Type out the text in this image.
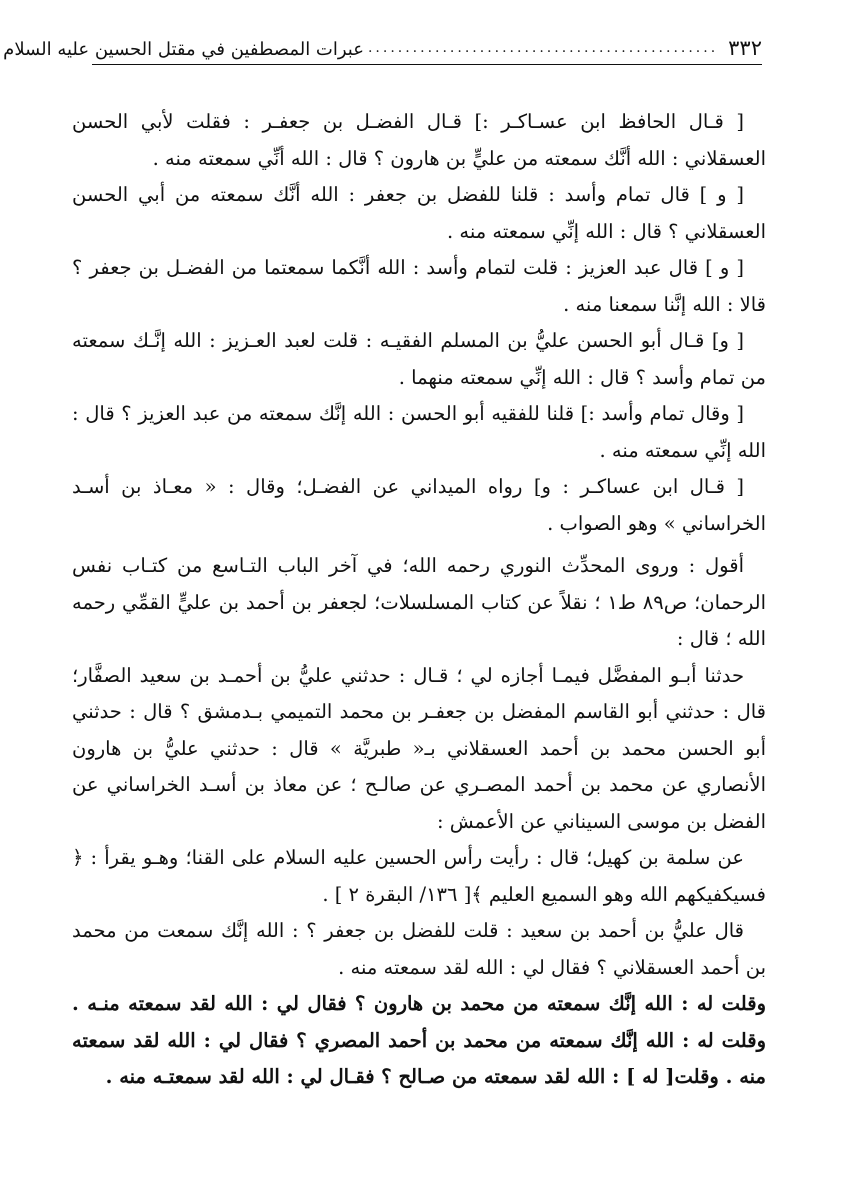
٣٣٢
...............................................
عبرات المصطفين في مقتل الحسين عليه السلام

[ قـال الحافظ ابن عسـاكـر :] قـال الفضـل بن جعفـر : فقلت لأبي الحسن العسقلاني : الله أنَّك سمعته من عليٍّ بن هارون ؟ قال : الله أنِّي سمعته منه .

[ و ] قال تمام وأسد : قلنا للفضل بن جعفر : الله أنَّك سمعته من أبي الحسن العسقلاني ؟ قال : الله إنِّي سمعته منه .

[ و ] قال عبد العزيز : قلت لتمام وأسد : الله أنَّكما سمعتما من الفضـل بن جعفر ؟ قالا : الله إنَّنا سمعنا منه .

[ و] قـال أبو الحسن عليُّ بن المسلم الفقيـه : قلت لعبد العـزيز : الله إنَّـك سمعته من تمام وأسد ؟ قال : الله إنِّي سمعته منهما .

[ وقال تمام وأسد :] قلنا للفقيه أبو الحسن : الله إنَّك سمعته من عبد العزيز ؟ قال : الله إنِّي سمعته منه .

[ قـال ابن عساكـر : و] رواه الميداني عن الفضـل؛ وقال : « معـاذ بن أسـد الخراساني » وهو الصواب .

أقول : وروى المحدِّث النوري رحمه الله؛ في آخر الباب التـاسع من كتـاب نفس الرحمان؛ ص٨٩ ط١ ؛ نقلاً عن كتاب المسلسلات؛ لجعفر بن أحمد بن عليٍّ القمِّي رحمه الله ؛ قال :

حدثنا أبـو المفضَّل فيمـا أجازه لي ؛ قـال : حدثني عليُّ بن أحمـد بن سعيد الصفَّار؛ قال : حدثني أبو القاسم المفضل بن جعفـر بن محمد التميمي بـدمشق ؟ قال : حدثني أبو الحسن محمد بن أحمد العسقلاني بـ« طبريَّة » قال : حدثني عليُّ بن هارون الأنصاري عن محمد بن أحمد المصـري عن صالـح ؛ عن معاذ بن أسـد الخراساني عن الفضل بن موسى السيناني عن الأعمش :

عن سلمة بن كهيل؛ قال : رأيت رأس الحسين عليه السلام على القنا؛ وهـو يقرأ : ﴿ فسيكفيكهم الله وهو السميع العليم ﴾[ ١٣٦/ البقرة ٢ ] .

قال عليُّ بن أحمد بن سعيد : قلت للفضل بن جعفر ؟ : الله إنَّك سمعت من محمد بن أحمد العسقلاني ؟ فقال لي : الله لقد سمعته منه .

وقلت له : الله إنَّك سمعته من محمد بن هارون ؟ فقال لي : الله لقد سمعته منـه . وقلت له : الله إنَّك سمعته من محمد بن أحمد المصري ؟ فقال لي : الله لقد سمعته منه . وقلت[ له ] : الله لقد سمعته من صـالح ؟ فقـال لي : الله لقد سمعتـه منه .
